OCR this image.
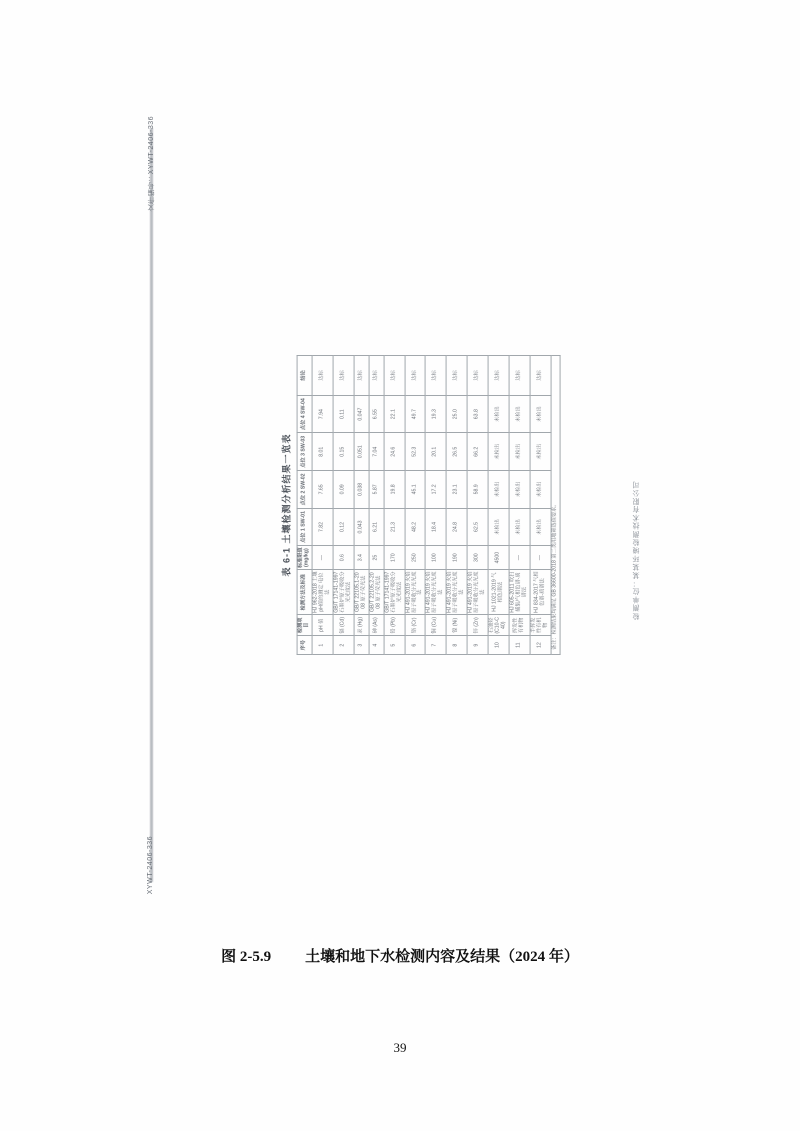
文件编号：XYWT-2406-336
XYWT-2406-336
检测单位：某某环境检测技术有限公司
表 6-1 土壤检测分析结果一览表
序号	检测项目	检测方法及标准	标准限值 (mg/kg)	点位 1 SW-01	点位 2 SW-02	点位 3 SW-03	点位 4 SW-04	结论
1	pH 值	HJ 962-2018 土壤 pH值的测定 电位法	—	7.82	7.65	8.01	7.94	达标
2	镉 (Cd)	GB/T 17141-1997 石墨炉原子吸收分光光度法	0.6	0.12	0.09	0.15	0.11	达标
3	汞 (Hg)	GB/T 22105.1-2008 原子荧光法	3.4	0.043	0.038	0.051	0.047	达标
4	砷 (As)	GB/T 22105.2-2008 原子荧光法	25	6.21	5.87	7.04	6.55	达标
5	铅 (Pb)	GB/T 17141-1997 石墨炉原子吸收分光光度法	170	21.3	19.8	24.6	22.1	达标
6	铬 (Cr)	HJ 491-2019 火焰原子吸收分光光度法	250	48.2	45.1	52.3	49.7	达标
7	铜 (Cu)	HJ 491-2019 火焰原子吸收分光光度法	100	18.4	17.2	20.1	19.3	达标
8	镍 (Ni)	HJ 491-2019 火焰原子吸收分光光度法	190	24.8	23.1	26.5	25.0	达标
9	锌 (Zn)	HJ 491-2019 火焰原子吸收分光光度法	300	62.5	58.9	66.2	63.8	达标
10	石油烃 (C10-C40)	HJ 1021-2019 气相色谱法	4500	未检出	未检出	未检出	未检出	达标
11	挥发性有机物	HJ 605-2011 吹扫捕集/气相色谱-质谱法	—	未检出	未检出	未检出	未检出	达标
12	半挥发性有机物	HJ 834-2017 气相色谱-质谱法	—	未检出	未检出	未检出	未检出	达标
备注：检测结果均满足 GB 36600-2018 第二类用地筛选值要求。								
图 2-5.9 土壤和地下水检测内容及结果（2024 年）
39
